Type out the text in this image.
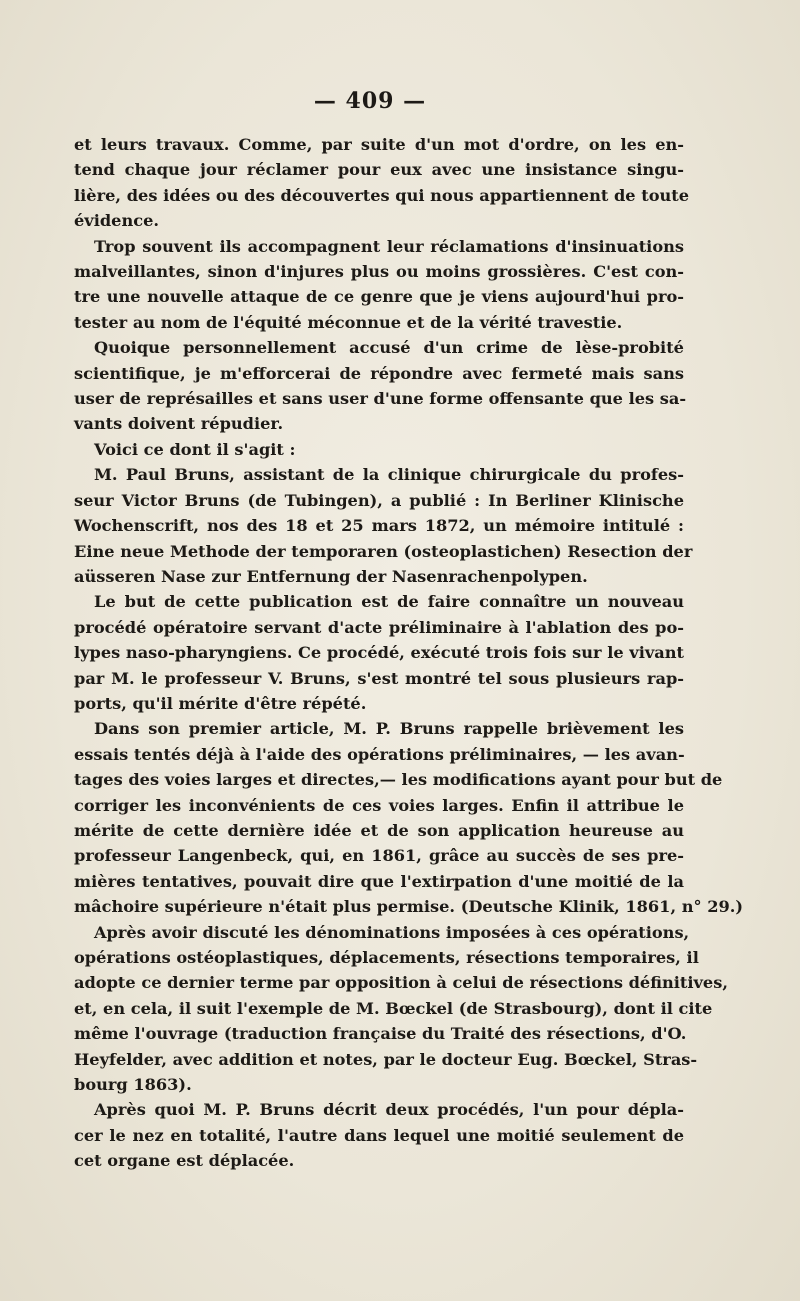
— 409 —
et leurs travaux. Comme, par suite d'un mot d'ordre, on les en-
tend chaque jour réclamer pour eux avec une insistance singu-
lière, des idées ou des découvertes qui nous appartiennent de toute
évidence.
Trop souvent ils accompagnent leur réclamations d'insinuations
malveillantes, sinon d'injures plus ou moins grossières. C'est con-
tre une nouvelle attaque de ce genre que je viens aujourd'hui pro-
tester au nom de l'équité méconnue et de la vérité travestie.
Quoique personnellement accusé d'un crime de lèse-probité
scientifique, je m'efforcerai de répondre avec fermeté mais sans
user de représailles et sans user d'une forme offensante que les sa-
vants doivent répudier.
Voici ce dont il s'agit :
M. Paul Bruns, assistant de la clinique chirurgicale du profes-
seur Victor Bruns (de Tubingen), a publié : In Berliner Klinische
Wochenscrift, nos des 18 et 25 mars 1872, un mémoire intitulé :
Eine neue Methode der temporaren (osteoplastichen) Resection der
aüsseren Nase zur Entfernung der Nasenrachenpolypen.
Le but de cette publication est de faire connaître un nouveau
procédé opératoire servant d'acte préliminaire à l'ablation des po-
lypes naso-pharyngiens. Ce procédé, exécuté trois fois sur le vivant
par M. le professeur V. Bruns, s'est montré tel sous plusieurs rap-
ports, qu'il mérite d'être répété.
Dans son premier article, M. P. Bruns rappelle brièvement les
essais tentés déjà à l'aide des opérations préliminaires, — les avan-
tages des voies larges et directes,— les modifications ayant pour but de
corriger les inconvénients de ces voies larges. Enfin il attribue le
mérite de cette dernière idée et de son application heureuse au
professeur Langenbeck, qui, en 1861, grâce au succès de ses pre-
mières tentatives, pouvait dire que l'extirpation d'une moitié de la
mâchoire supérieure n'était plus permise. (Deutsche Klinik, 1861, n° 29.)
Après avoir discuté les dénominations imposées à ces opérations,
opérations ostéoplastiques, déplacements, résections temporaires, il
adopte ce dernier terme par opposition à celui de résections définitives,
et, en cela, il suit l'exemple de M. Bœckel (de Strasbourg), dont il cite
même l'ouvrage (traduction française du Traité des résections, d'O.
Heyfelder, avec addition et notes, par le docteur Eug. Bœckel, Stras-
bourg 1863).
Après quoi M. P. Bruns décrit deux procédés, l'un pour dépla-
cer le nez en totalité, l'autre dans lequel une moitié seulement de
cet organe est déplacée.
